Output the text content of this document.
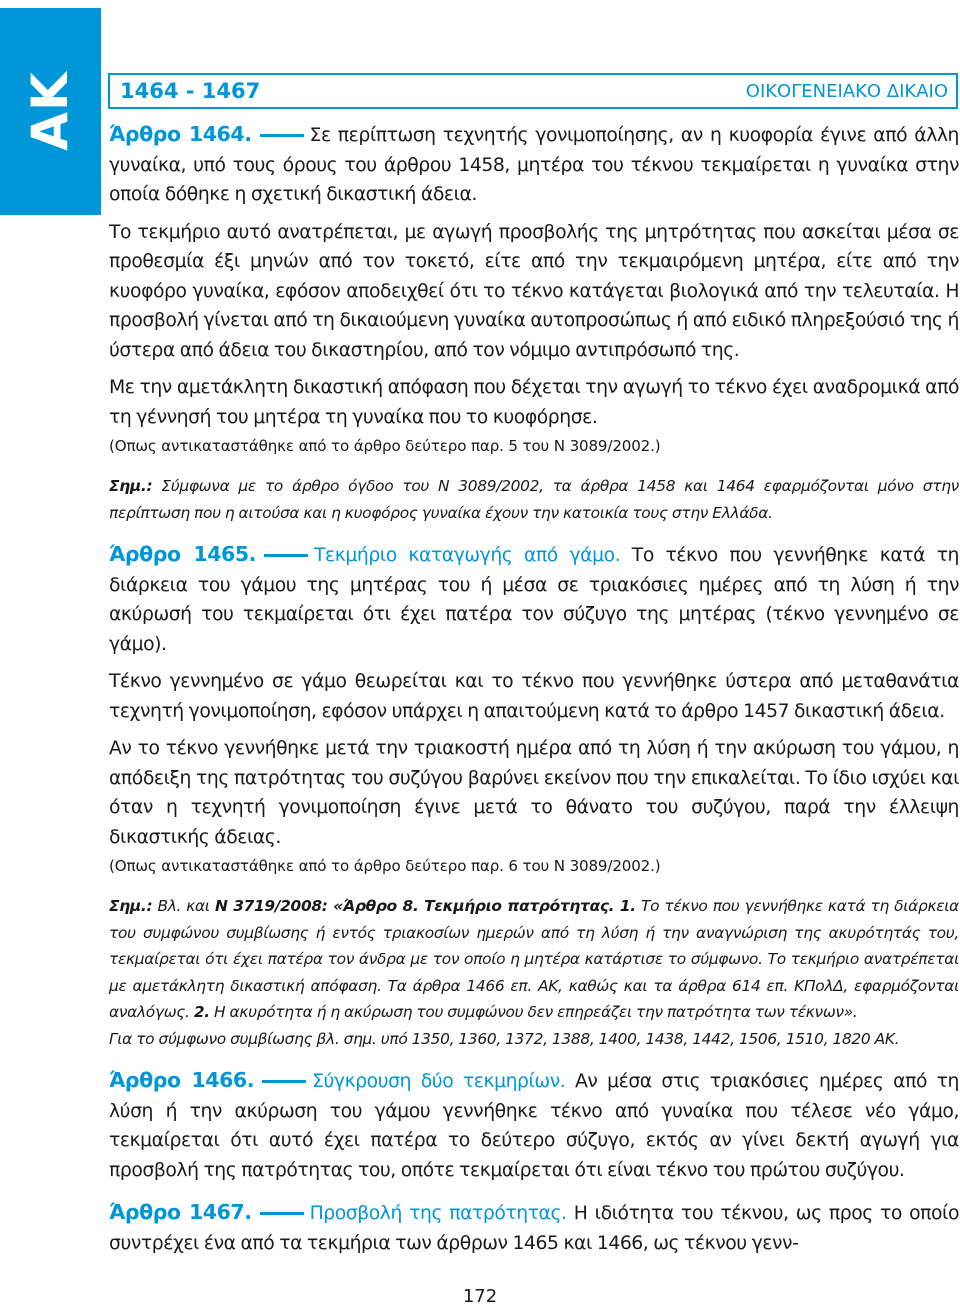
ΑΚ 1464 - 1467	ΟΙΚΟΓΕΝΕΙΑΚΟ ΔΙΚΑΙΟ

Άρθρο 1464.	Σε περίπτωση τεχνητής γονιμοποίησης, αν η κυοφορία έγινε από άλλη γυναίκα, υπό τους όρους του άρθρου 1458, μητέρα του τέκνου τεκμαίρεται η γυναίκα στην οποία δόθηκε η σχετική δικαστική άδεια.

Το τεκμήριο αυτό ανατρέπεται, με αγωγή προσβολής της μητρότητας που ασκείται μέσα σε προθεσμία έξι μηνών από τον τοκετό, είτε από την τεκμαιρόμενη μητέρα, είτε από την κυοφόρο γυναίκα, εφόσον αποδειχθεί ότι το τέκνο κατάγεται βιολογικά από την τελευταία. Η προσβολή γίνεται από τη δικαιούμενη γυναίκα αυτοπροσώπως ή από ειδικό πληρεξούσιό της ή ύστερα από άδεια του δικαστηρίου, από τον νόμιμο αντιπρόσωπό της.

Με την αμετάκλητη δικαστική απόφαση που δέχεται την αγωγή το τέκνο έχει αναδρομικά από τη γέννησή του μητέρα τη γυναίκα που το κυοφόρησε.

(Οπως αντικαταστάθηκε από το άρθρο δεύτερο παρ. 5 του Ν 3089/2002.)

Σημ.: Σύμφωνα με το άρθρο όγδοο του Ν 3089/2002, τα άρθρα 1458 και 1464 εφαρμόζονται μόνο στην περίπτωση που η αιτούσα και η κυοφόρος γυναίκα έχουν την κατοικία τους στην Ελλάδα.

Άρθρο 1465.	Τεκμήριο καταγωγής από γάμο. Το τέκνο που γεννήθηκε κατά τη διάρκεια του γάμου της μητέρας του ή μέσα σε τριακόσιες ημέρες από τη λύση ή την ακύρωσή του τεκμαίρεται ότι έχει πατέρα τον σύζυγο της μητέρας (τέκνο γεννημένο σε γάμο).

Τέκνο γεννημένο σε γάμο θεωρείται και το τέκνο που γεννήθηκε ύστερα από μεταθανάτια τεχνητή γονιμοποίηση, εφόσον υπάρχει η απαιτούμενη κατά το άρθρο 1457 δικαστική άδεια.

Αν το τέκνο γεννήθηκε μετά την τριακοστή ημέρα από τη λύση ή την ακύρωση του γάμου, η απόδειξη της πατρότητας του συζύγου βαρύνει εκείνον που την επικαλείται. Το ίδιο ισχύει και όταν η τεχνητή γονιμοποίηση έγινε μετά το θάνατο του συζύγου, παρά την έλλειψη δικαστικής άδειας.

(Οπως αντικαταστάθηκε από το άρθρο δεύτερο παρ. 6 του Ν 3089/2002.)

Σημ.: Βλ. και Ν 3719/2008: «Άρθρο 8. Τεκμήριο πατρότητας. 1. Το τέκνο που γεννήθηκε κατά τη διάρκεια του συμφώνου συμβίωσης ή εντός τριακοσίων ημερών από τη λύση ή την αναγνώριση της ακυρότητάς του, τεκμαίρεται ότι έχει πατέρα τον άνδρα με τον οποίο η μητέρα κατάρτισε το σύμφωνο. Το τεκμήριο ανατρέπεται με αμετάκλητη δικαστική απόφαση. Τα άρθρα 1466 επ. ΑΚ, καθώς και τα άρθρα 614 επ. ΚΠολΔ, εφαρμόζονται αναλόγως. 2. Η ακυρότητα ή η ακύρωση του συμφώνου δεν επηρεάζει την πατρότητα των τέκνων».

Για το σύμφωνο συμβίωσης βλ. σημ. υπό 1350, 1360, 1372, 1388, 1400, 1438, 1442, 1506, 1510, 1820 ΑΚ.

Άρθρο 1466.	Σύγκρουση δύο τεκμηρίων. Αν μέσα στις τριακόσιες ημέρες από τη λύση ή την ακύρωση του γάμου γεννήθηκε τέκνο από γυναίκα που τέλεσε νέο γάμο, τεκμαίρεται ότι αυτό έχει πατέρα το δεύτερο σύζυγο, εκτός αν γίνει δεκτή αγωγή για προσβολή της πατρότητας του, οπότε τεκμαίρεται ότι είναι τέκνο του πρώτου συζύγου.

Άρθρο 1467.	Προσβολή της πατρότητας. Η ιδιότητα του τέκνου, ως προς το οποίο συντρέχει ένα από τα τεκμήρια των άρθρων 1465 και 1466, ως τέκνου γενν-

172
